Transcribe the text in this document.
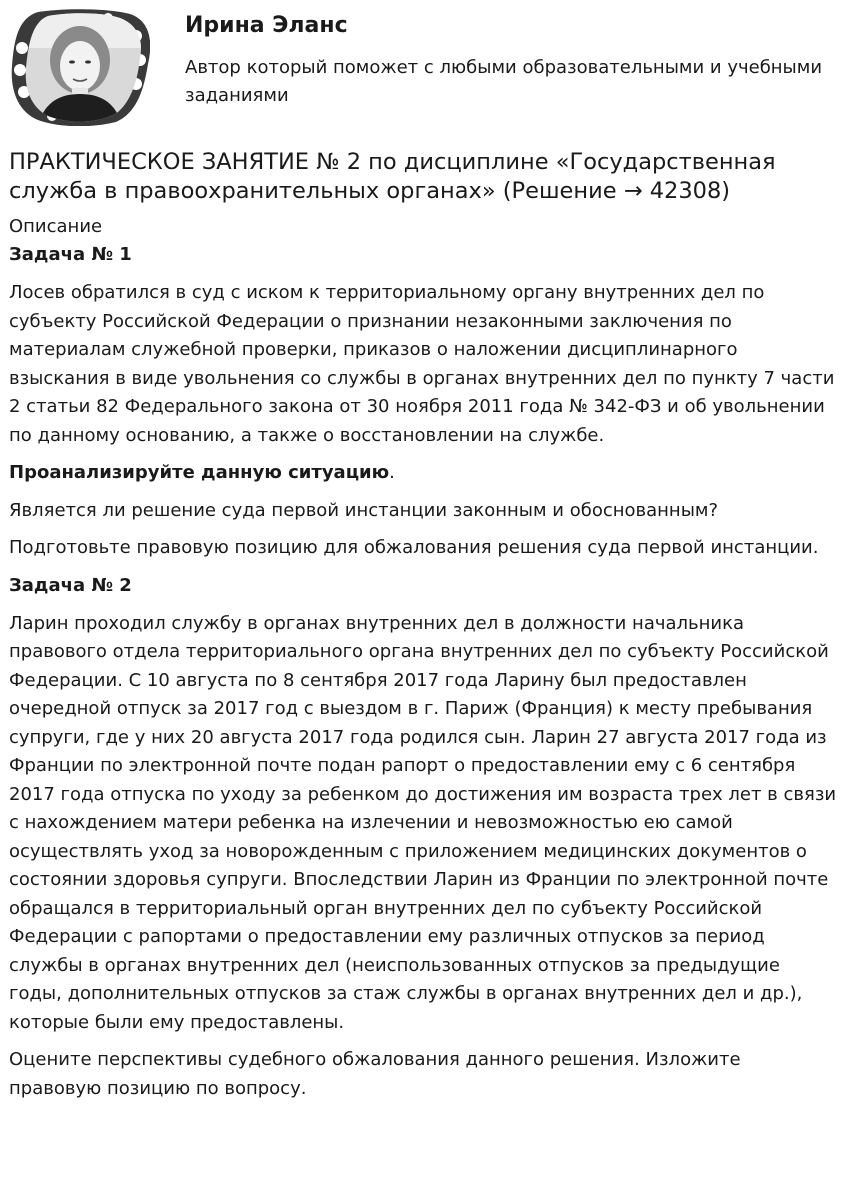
Ирина Эланс

Автор который поможет с любыми образовательными и учебными заданиями

ПРАКТИЧЕСКОЕ ЗАНЯТИЕ № 2 по дисциплине «Государственная служба в правоохранительных органах» (Решение → 42308)

Описание

Задача № 1

Лосев обратился в суд с иском к территориальному органу внутренних дел по субъекту Российской Федерации о признании незаконными заключения по материалам служебной проверки, приказов о наложении дисциплинарного взыскания в виде увольнения со службы в органах внутренних дел по пункту 7 части 2 статьи 82 Федерального закона от 30 ноября 2011 года № 342-ФЗ и об увольнении по данному основанию, а также о восстановлении на службе.

Проанализируйте данную ситуацию.

Является ли решение суда первой инстанции законным и обоснованным?

Подготовьте правовую позицию для обжалования решения суда первой инстанции.

Задача № 2

Ларин проходил службу в органах внутренних дел в должности начальника правового отдела территориального органа внутренних дел по субъекту Российской Федерации. С 10 августа по 8 сентября 2017 года Ларину был предоставлен очередной отпуск за 2017 год с выездом в г. Париж (Франция) к месту пребывания супруги, где у них 20 августа 2017 года родился сын. Ларин 27 августа 2017 года из Франции по электронной почте подан рапорт о предоставлении ему с 6 сентября 2017 года отпуска по уходу за ребенком до достижения им возраста трех лет в связи с нахождением матери ребенка на излечении и невозможностью ею самой осуществлять уход за новорожденным с приложением медицинских документов о состоянии здоровья супруги. Впоследствии Ларин из Франции по электронной почте обращался в территориальный орган внутренних дел по субъекту Российской Федерации с рапортами о предоставлении ему различных отпусков за период службы в органах внутренних дел (неиспользованных отпусков за предыдущие годы, дополнительных отпусков за стаж службы в органах внутренних дел и др.), которые были ему предоставлены.

Оцените перспективы судебного обжалования данного решения. Изложите правовую позицию по вопросу.
